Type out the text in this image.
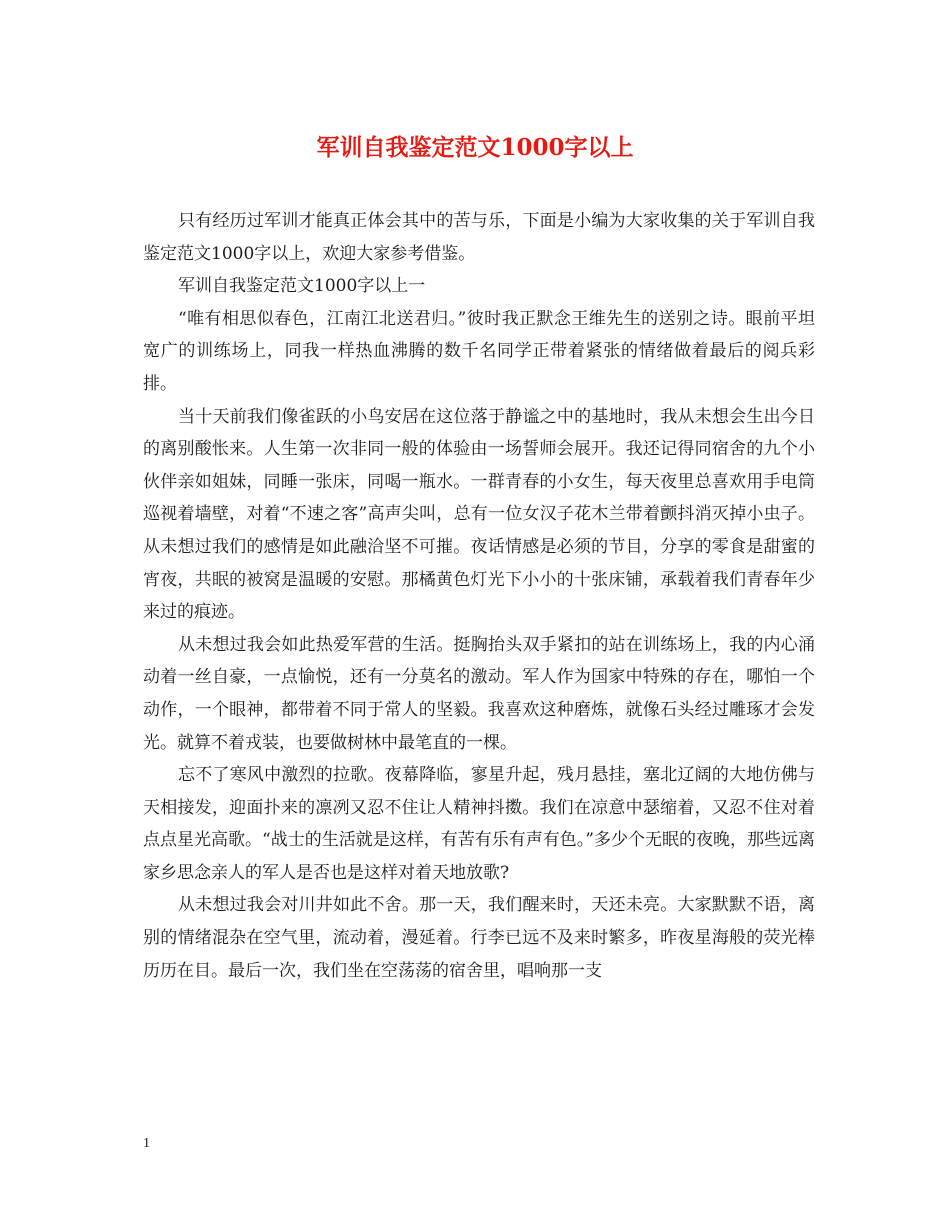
军训自我鉴定范文1000字以上

只有经历过军训才能真正体会其中的苦与乐，下面是小编为大家收集的关于军训自我鉴定范文1000字以上，欢迎大家参考借鉴。

军训自我鉴定范文1000字以上一

“唯有相思似春色，江南江北送君归。”彼时我正默念王维先生的送别之诗。眼前平坦宽广的训练场上，同我一样热血沸腾的数千名同学正带着紧张的情绪做着最后的阅兵彩排。

当十天前我们像雀跃的小鸟安居在这位落于静谧之中的基地时，我从未想会生出今日的离别酸怅来。人生第一次非同一般的体验由一场誓师会展开。我还记得同宿舍的九个小伙伴亲如姐妹，同睡一张床，同喝一瓶水。一群青春的小女生，每天夜里总喜欢用手电筒巡视着墙壁，对着“不速之客”高声尖叫，总有一位女汉子花木兰带着颤抖消灭掉小虫子。从未想过我们的感情是如此融洽坚不可摧。夜话情感是必须的节目，分享的零食是甜蜜的宵夜，共眠的被窝是温暖的安慰。那橘黄色灯光下小小的十张床铺，承载着我们青春年少来过的痕迹。

从未想过我会如此热爱军营的生活。挺胸抬头双手紧扣的站在训练场上，我的内心涌动着一丝自豪，一点愉悦，还有一分莫名的激动。军人作为国家中特殊的存在，哪怕一个动作，一个眼神，都带着不同于常人的坚毅。我喜欢这种磨炼，就像石头经过雕琢才会发光。就算不着戎装，也要做树林中最笔直的一棵。

忘不了寒风中激烈的拉歌。夜幕降临，寥星升起，残月悬挂，塞北辽阔的大地仿佛与天相接发，迎面扑来的凛冽又忍不住让人精神抖擞。我们在凉意中瑟缩着，又忍不住对着点点星光高歌。“战士的生活就是这样，有苦有乐有声有色。”多少个无眠的夜晚，那些远离家乡思念亲人的军人是否也是这样对着天地放歌?

从未想过我会对川井如此不舍。那一天，我们醒来时，天还未亮。大家默默不语，离别的情绪混杂在空气里，流动着，漫延着。行李已远不及来时繁多，昨夜星海般的荧光棒历历在目。最后一次，我们坐在空荡荡的宿舍里，唱响那一支

1
